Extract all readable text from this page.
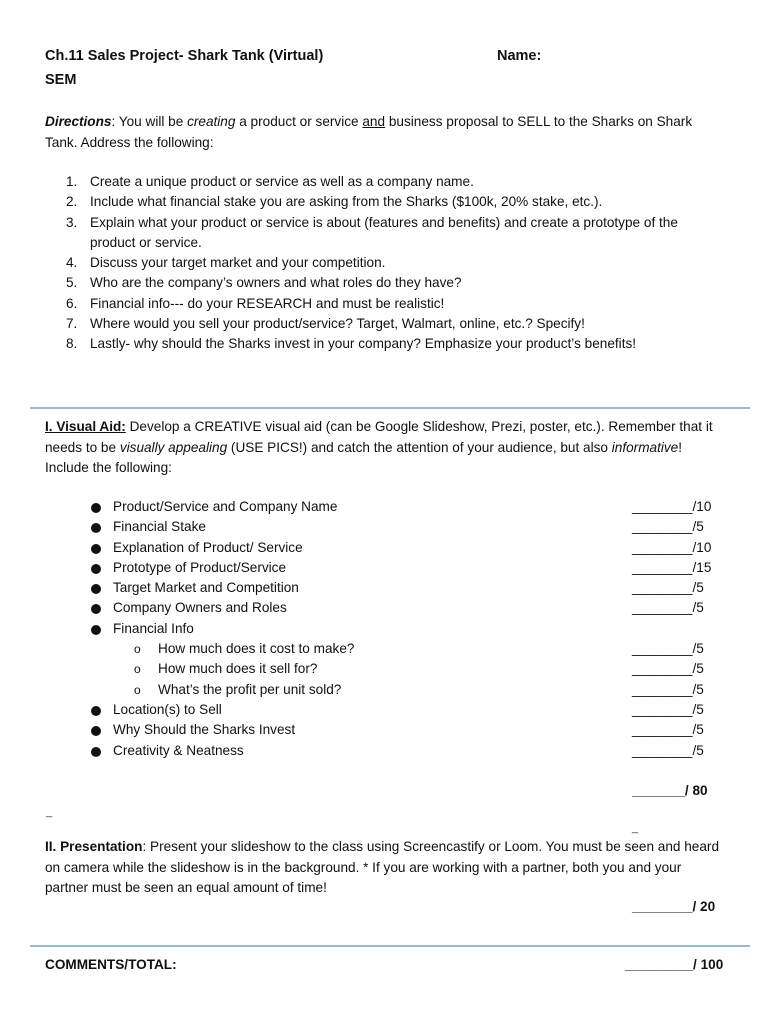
Ch.11 Sales Project- Shark Tank (Virtual)	Name:
SEM
Directions: You will be creating a product or service and business proposal to SELL to the Sharks on Shark Tank. Address the following:
1. Create a unique product or service as well as a company name.
2. Include what financial stake you are asking from the Sharks ($100k, 20% stake, etc.).
3. Explain what your product or service is about (features and benefits) and create a prototype of the product or service.
4. Discuss your target market and your competition.
5. Who are the company’s owners and what roles do they have?
6. Financial info--- do your RESEARCH and must be realistic!
7. Where would you sell your product/service? Target, Walmart, online, etc.? Specify!
8. Lastly- why should the Sharks invest in your company? Emphasize your product’s benefits!
I. Visual Aid: Develop a CREATIVE visual aid (can be Google Slideshow, Prezi, poster, etc.). Remember that it needs to be visually appealing (USE PICS!) and catch the attention of your audience, but also informative! Include the following:
Product/Service and Company Name	________/10
Financial Stake	________/5
Explanation of Product/ Service	________/10
Prototype of Product/Service	________/15
Target Market and Competition	________/5
Company Owners and Roles	________/5
Financial Info
o How much does it cost to make?	________/5
o How much does it sell for?	________/5
o What’s the profit per unit sold?	________/5
Location(s) to Sell	________/5
Why Should the Sharks Invest	________/5
Creativity & Neatness	________/5
_______/ 80
_
_
II. Presentation: Present your slideshow to the class using Screencastify or Loom. You must be seen and heard on camera while the slideshow is in the background. * If you are working with a partner, both you and your partner must be seen an equal amount of time!
________/ 20
COMMENTS/TOTAL:	_________/ 100
